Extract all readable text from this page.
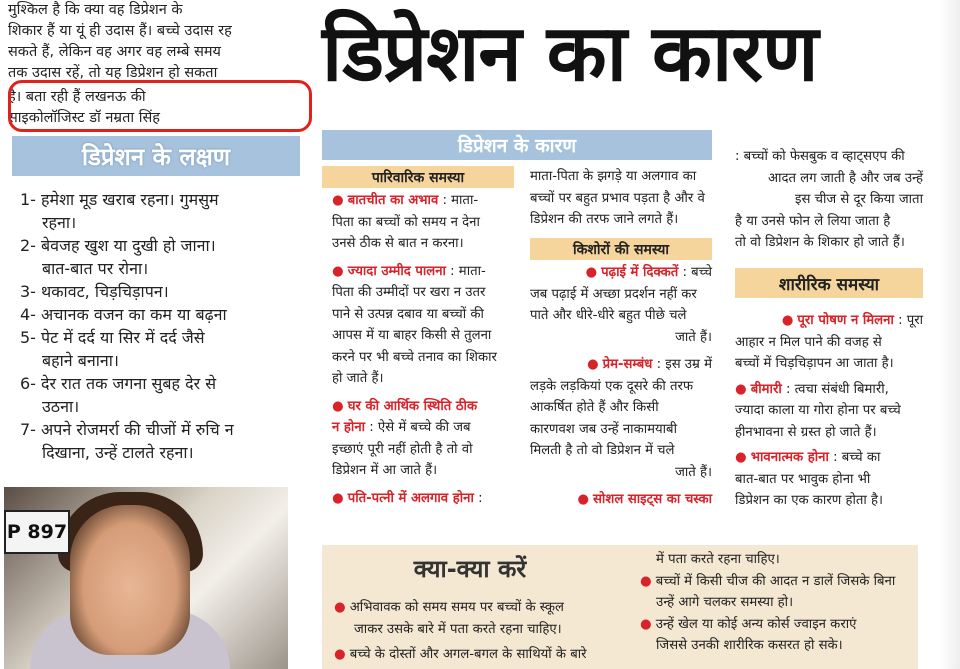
मुश्किल है कि क्या वह डिप्रेशन के

शिकार हैं या यूं ही उदास हैं। बच्चे उदास रह

सकते हैं, लेकिन वह अगर वह लम्बे समय

तक उदास रहें, तो यह डिप्रेशन हो सकता

है। बता रही हैं लखनऊ की

साइकोलॉजिस्ट डॉ नम्रता सिंह

डिप्रेशन के लक्षण
1- हमेशा मूड खराब रहना। गुमसुम
रहना।
2- बेवजह खुश या दुखी हो जाना।
बात-बात पर रोना।
3- थकावट, चिड़चिड़ापन।
4- अचानक वजन का कम या बढ़ना
5- पेट में दर्द या सिर में दर्द जैसे
बहाने बनाना।
6- देर रात तक जगना सुबह देर से
उठना।
7- अपने रोजमर्रा की चीजों में रुचि न
दिखाना, उन्हें टालते रहना।
P 897
डिप्रेशन का कारण
डिप्रेशन के कारण
पारिवारिक समस्या
● बातचीत का अभाव : माता-
पिता का बच्चों को समय न देना
उनसे ठीक से बात न करना।
● ज्यादा उम्मीद पालना : माता-
पिता की उम्मीदों पर खरा न उतर
पाने से उत्पन्न दबाव या बच्चों की
आपस में या बाहर किसी से तुलना
करने पर भी बच्चे तनाव का शिकार
हो जाते हैं।
● घर की आर्थिक स्थिति ठीक
न होना : ऐसे में बच्चे की जब
इच्छाएं पूरी नहीं होती है तो वो
डिप्रेशन में आ जाते हैं।
● पति-पत्नी में अलगाव होना :
माता-पिता के झगड़े या अलगाव का
बच्चों पर बहुत प्रभाव पड़ता है और वे
डिप्रेशन की तरफ जाने लगते हैं।
किशोरों की समस्या
● पढ़ाई में दिक्कतें : बच्चे
जब पढ़ाई में अच्छा प्रदर्शन नहीं कर
पाते और धीरे-धीरे बहुत पीछे चले
जाते हैं।
● प्रेम-सम्बंध : इस उम्र में
लड़के लड़कियां एक दूसरे की तरफ
आकर्षित होते हैं और किसी
कारणवश जब उन्हें नाकामयाबी
मिलती है तो वो डिप्रेशन में चले
जाते हैं।
● सोशल साइट्स का चस्का
: बच्चों को फेसबुक व व्हाट्सएप की
आदत लग जाती है और जब उन्हें
इस चीज से दूर किया जाता
है या उनसे फोन ले लिया जाता है
तो वो डिप्रेशन के शिकार हो जाते हैं।
शारीरिक समस्या
● पूरा पोषण न मिलना : पूरा
आहार न मिल पाने की वजह से
बच्चों में चिड़चिड़ापन आ जाता है।
● बीमारी : त्वचा संबंधी बिमारी,
ज्यादा काला या गोरा होना पर बच्चे
हीनभावना से ग्रस्त हो जाते हैं।
● भावनात्मक होना : बच्चे का
बात-बात पर भावुक होना भी
डिप्रेशन का एक कारण होता है।
क्या-क्या करें
● अभिवावक को समय समय पर बच्चों के स्कूल
जाकर उसके बारे में पता करते रहना चाहिए।
● बच्चे के दोस्तों और अगल-बगल के साथियों के बारे
में पता करते रहना चाहिए।
● बच्चों में किसी चीज की आदत न डालें जिसके बिना
उन्हें आगे चलकर समस्या हो।
● उन्हें खेल या कोई अन्य कोर्स ज्वाइन कराएं
जिससे उनकी शारीरिक कसरत हो सके।
